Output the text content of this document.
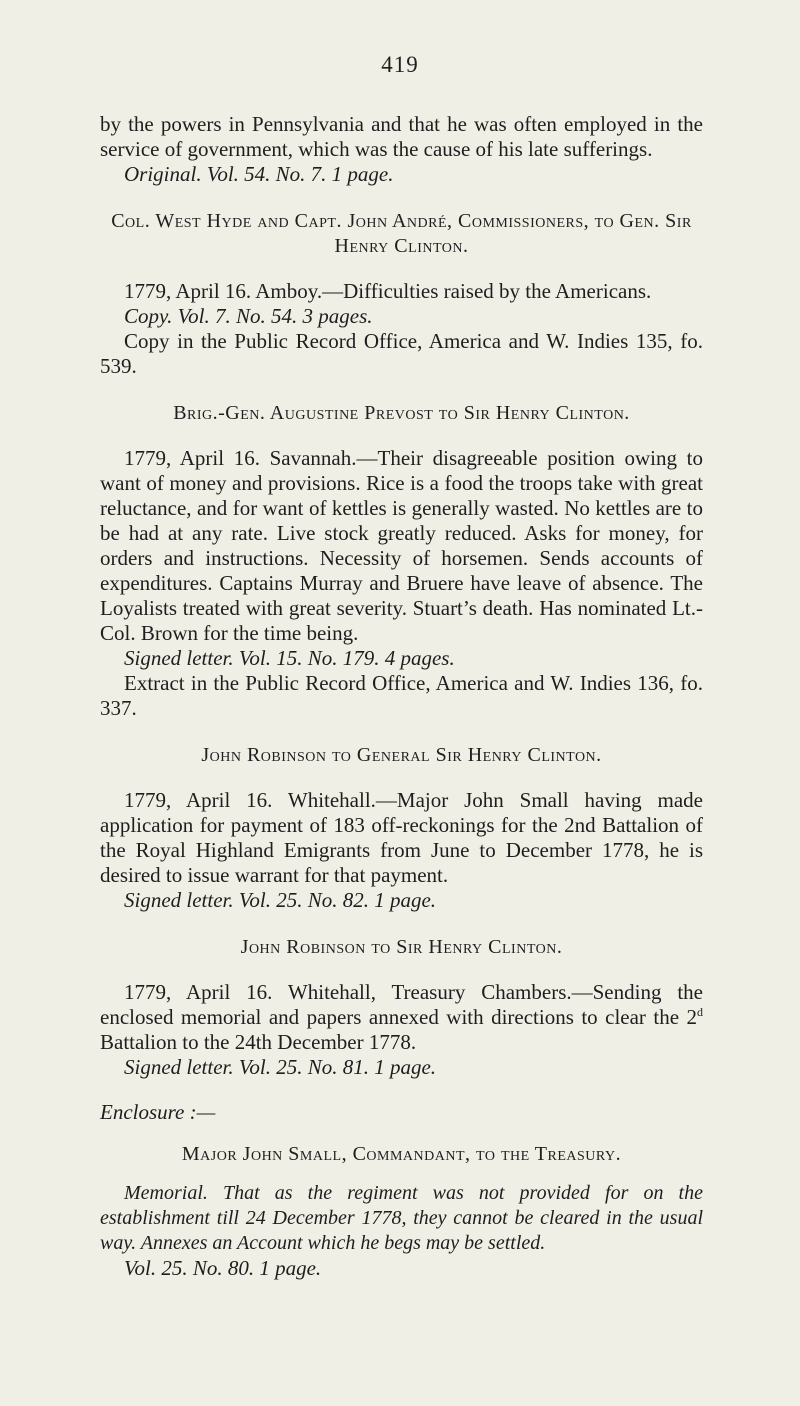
419

by the powers in Pennsylvania and that he was often employed in the service of government, which was the cause of his late sufferings.

Original. Vol. 54. No. 7. 1 page.

Col. West Hyde and Capt. John André, Commissioners, to Gen. Sir Henry Clinton.

1779, April 16. Amboy.—Difficulties raised by the Americans.

Copy. Vol. 7. No. 54. 3 pages.

Copy in the Public Record Office, America and W. Indies 135, fo. 539.

Brig.-Gen. Augustine Prevost to Sir Henry Clinton.

1779, April 16. Savannah.—Their disagreeable position owing to want of money and provisions. Rice is a food the troops take with great reluctance, and for want of kettles is generally wasted. No kettles are to be had at any rate. Live stock greatly reduced. Asks for money, for orders and instructions. Necessity of horsemen. Sends accounts of expenditures. Captains Murray and Bruere have leave of absence. The Loyalists treated with great severity. Stuart’s death. Has nominated Lt.-Col. Brown for the time being.

Signed letter. Vol. 15. No. 179. 4 pages.

Extract in the Public Record Office, America and W. Indies 136, fo. 337.

John Robinson to General Sir Henry Clinton.

1779, April 16. Whitehall.—Major John Small having made application for payment of 183 off-reckonings for the 2nd Battalion of the Royal Highland Emigrants from June to December 1778, he is desired to issue warrant for that payment.

Signed letter. Vol. 25. No. 82. 1 page.

John Robinson to Sir Henry Clinton.

1779, April 16. Whitehall, Treasury Chambers.—Sending the enclosed memorial and papers annexed with directions to clear the 2$^d$ Battalion to the 24th December 1778.

Signed letter. Vol. 25. No. 81. 1 page.

Enclosure :—

Major John Small, Commandant, to the Treasury.

Memorial. That as the regiment was not provided for on the establishment till 24 December 1778, they cannot be cleared in the usual way. Annexes an Account which he begs may be settled.

Vol. 25. No. 80. 1 page.
